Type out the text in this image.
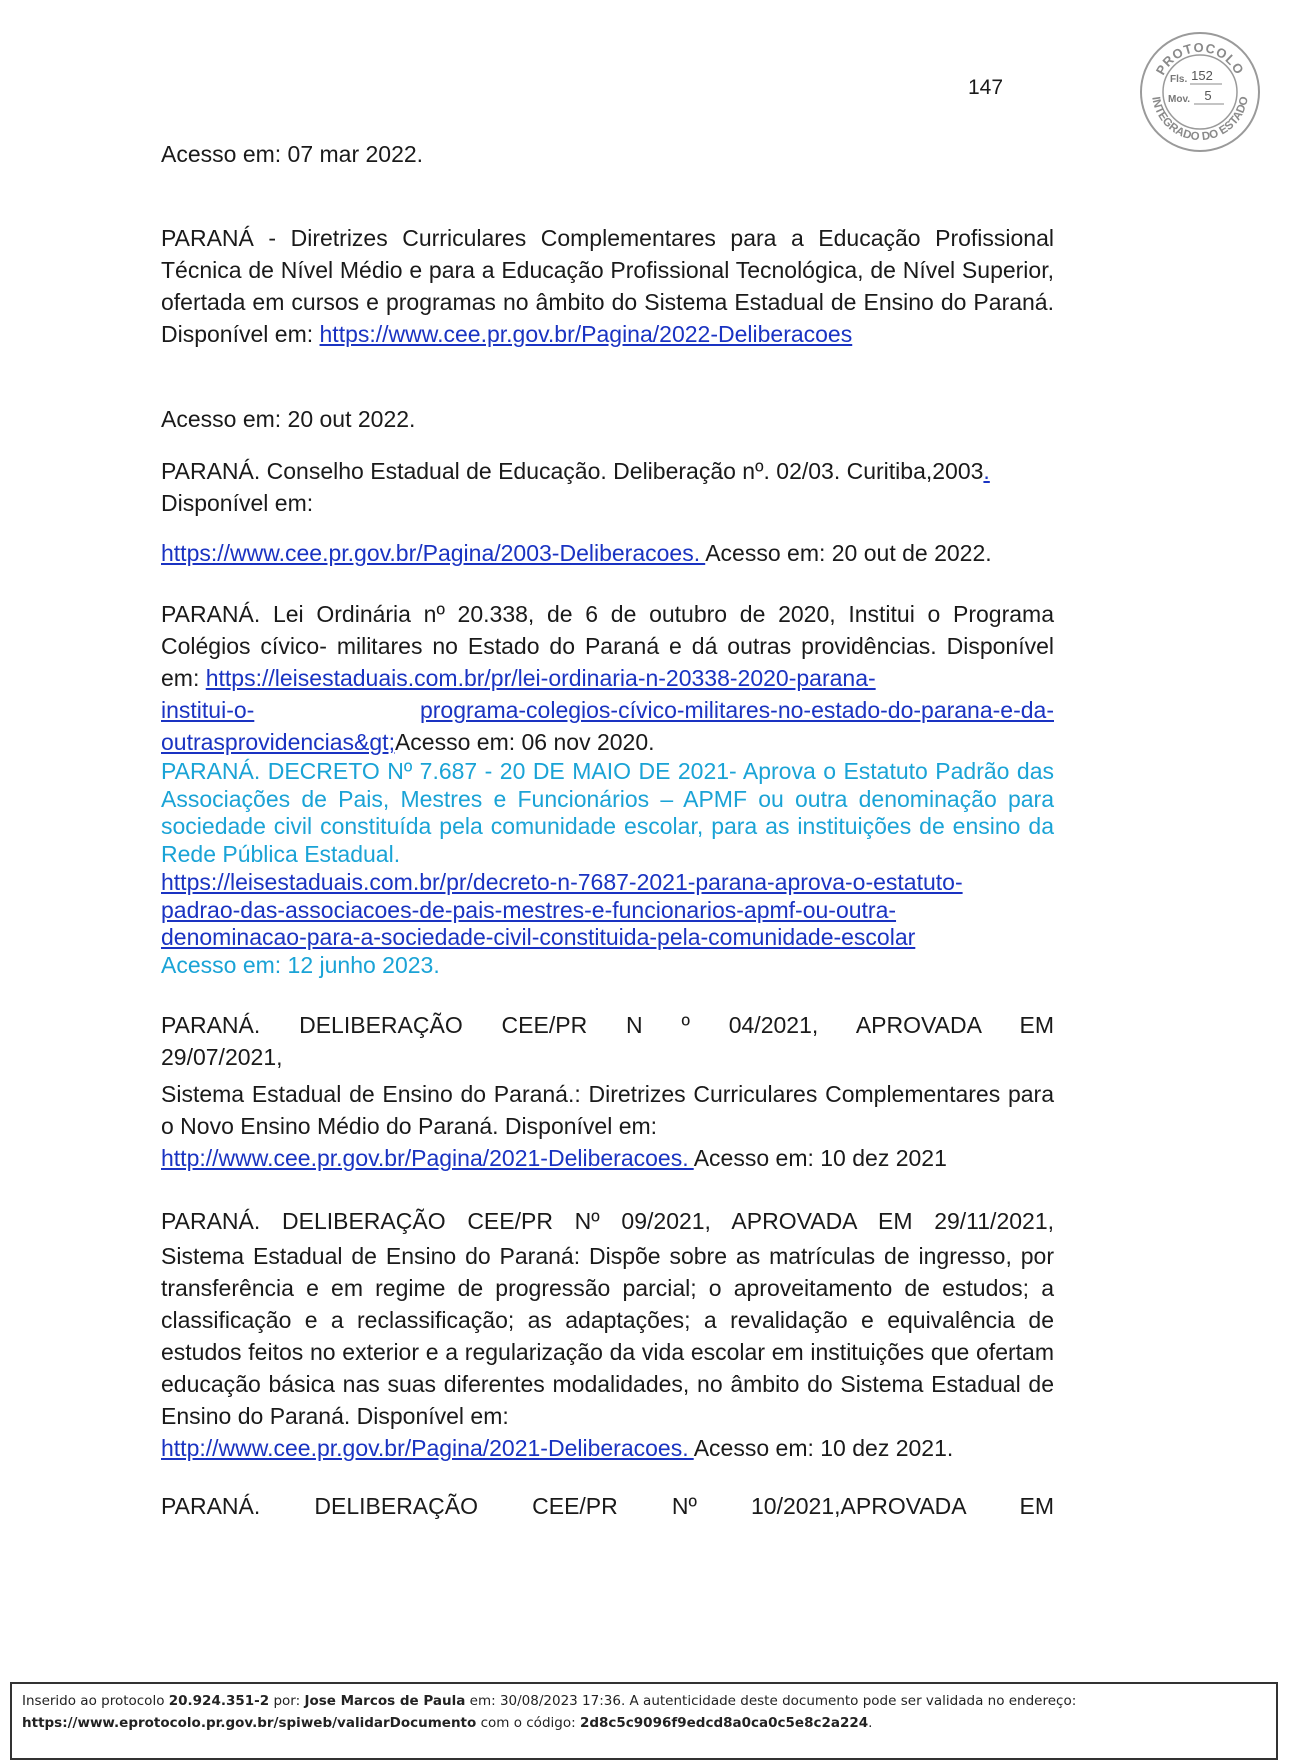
147
PROTOCOLO
INTEGRADO DO ESTADO
Fls. 152
Mov. 5
Acesso em: 07 mar 2022.
PARANÁ - Diretrizes Curriculares Complementares para a Educação Profissional Técnica de Nível Médio e para a Educação Profissional Tecnológica, de Nível Superior, ofertada em cursos e programas no âmbito do Sistema Estadual de Ensino do Paraná. Disponível em: https://www.cee.pr.gov.br/Pagina/2022-Deliberacoes
Acesso em: 20 out 2022.
PARANÁ. Conselho Estadual de Educação. Deliberação nº. 02/03. Curitiba,2003.
Disponível em:
https://www.cee.pr.gov.br/Pagina/2003-Deliberacoes. Acesso em: 20 out de 2022.
PARANÁ. Lei Ordinária nº 20.338, de 6 de outubro de 2020, Institui o Programa Colégios cívico- militares no Estado do Paraná e dá outras providências. Disponível em: https://leisestaduais.com.br/pr/lei-ordinaria-n-20338-2020-parana-
institui-o-	programa-colegios-cívico-militares-no-estado-do-parana-e-da-
outrasprovidencias&gt;Acesso em: 06 nov 2020.
PARANÁ. DECRETO Nº 7.687 - 20 DE MAIO DE 2021- Aprova o Estatuto Padrão das Associações de Pais, Mestres e Funcionários – APMF ou outra denominação para sociedade civil constituída pela comunidade escolar, para as instituições de ensino da Rede Pública Estadual.
https://leisestaduais.com.br/pr/decreto-n-7687-2021-parana-aprova-o-estatuto-
padrao-das-associacoes-de-pais-mestres-e-funcionarios-apmf-ou-outra-
denominacao-para-a-sociedade-civil-constituida-pela-comunidade-escolar
Acesso em: 12 junho 2023.
PARANÁ. DELIBERAÇÃO CEE/PR N º 04/2021, APROVADA EM
29/07/2021,
Sistema Estadual de Ensino do Paraná.: Diretrizes Curriculares Complementares para o Novo Ensino Médio do Paraná. Disponível em:
http://www.cee.pr.gov.br/Pagina/2021-Deliberacoes. Acesso em: 10 dez 2021
PARANÁ. DELIBERAÇÃO CEE/PR Nº 09/2021, APROVADA EM 29/11/2021,
Sistema Estadual de Ensino do Paraná: Dispõe sobre as matrículas de ingresso, por transferência e em regime de progressão parcial; o aproveitamento de estudos; a classificação e a reclassificação; as adaptações; a revalidação e equivalência de estudos feitos no exterior e a regularização da vida escolar em instituições que ofertam educação básica nas suas diferentes modalidades, no âmbito do Sistema Estadual de Ensino do Paraná. Disponível em:
http://www.cee.pr.gov.br/Pagina/2021-Deliberacoes. Acesso em: 10 dez 2021.
PARANÁ. DELIBERAÇÃO CEE/PR Nº 10/2021,APROVADA EM
Inserido ao protocolo 20.924.351-2 por: Jose Marcos de Paula em: 30/08/2023 17:36. A autenticidade deste documento pode ser validada no endereço:
https://www.eprotocolo.pr.gov.br/spiweb/validarDocumento com o código: 2d8c5c9096f9edcd8a0ca0c5e8c2a224.
